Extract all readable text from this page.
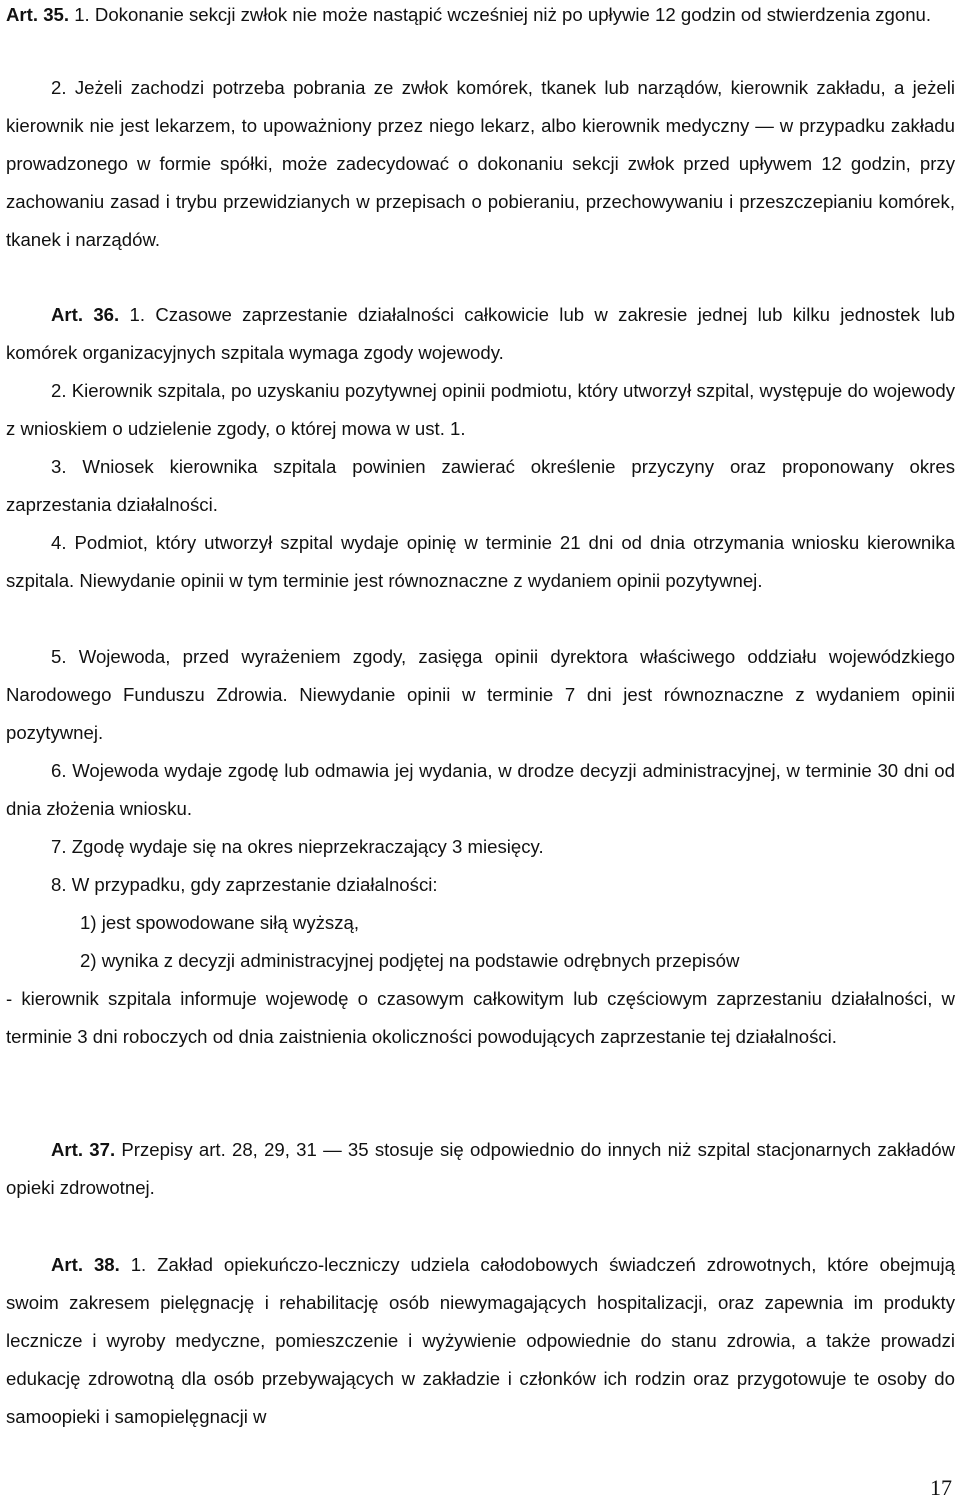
Art. 35. 1. Dokonanie sekcji zwłok nie może nastąpić wcześniej niż po upływie 12 godzin od stwierdzenia zgonu.

2. Jeżeli zachodzi potrzeba pobrania ze zwłok komórek, tkanek lub narządów, kierownik zakładu, a jeżeli kierownik nie jest lekarzem, to upoważniony przez niego lekarz, albo kierownik medyczny — w przypadku zakładu prowadzonego w formie spółki, może zadecydować o dokonaniu sekcji zwłok przed upływem 12 godzin, przy zachowaniu zasad i trybu przewidzianych w przepisach o pobieraniu, przechowywaniu i przeszczepianiu komórek, tkanek i narządów.

Art. 36. 1. Czasowe zaprzestanie działalności całkowicie lub w zakresie jednej lub kilku jednostek lub komórek organizacyjnych szpitala wymaga zgody wojewody.

2. Kierownik szpitala, po uzyskaniu pozytywnej opinii podmiotu, który utworzył szpital, występuje do wojewody z wnioskiem o udzielenie zgody, o której mowa w ust. 1.

3. Wniosek kierownika szpitala powinien zawierać określenie przyczyny oraz proponowany okres zaprzestania działalności.

4. Podmiot, który utworzył szpital wydaje opinię w terminie 21 dni od dnia otrzymania wniosku kierownika szpitala. Niewydanie opinii w tym terminie jest równoznaczne z wydaniem opinii pozytywnej.

5. Wojewoda, przed wyrażeniem zgody, zasięga opinii dyrektora właściwego oddziału wojewódzkiego Narodowego Funduszu Zdrowia. Niewydanie opinii w terminie 7 dni jest równoznaczne z wydaniem opinii pozytywnej.

6. Wojewoda wydaje zgodę lub odmawia jej wydania, w drodze decyzji administracyjnej, w terminie 30 dni od dnia złożenia wniosku.

7. Zgodę wydaje się na okres nieprzekraczający 3 miesięcy.

8. W przypadku, gdy zaprzestanie działalności:

1) jest spowodowane siłą wyższą,

2) wynika z decyzji administracyjnej podjętej na podstawie odrębnych przepisów

- kierownik szpitala informuje wojewodę o czasowym całkowitym lub częściowym zaprzestaniu działalności, w terminie 3 dni roboczych od dnia zaistnienia okoliczności powodujących zaprzestanie tej działalności.

Art. 37. Przepisy art. 28, 29, 31 — 35 stosuje się odpowiednio do innych niż szpital stacjonarnych zakładów opieki zdrowotnej.

Art. 38. 1. Zakład opiekuńczo-leczniczy udziela całodobowych świadczeń zdrowotnych, które obejmują swoim zakresem pielęgnację i rehabilitację osób niewymagających hospitalizacji, oraz zapewnia im produkty lecznicze i wyroby medyczne, pomieszczenie i wyżywienie odpowiednie do stanu zdrowia, a także prowadzi edukację zdrowotną dla osób przebywających w zakładzie i członków ich rodzin oraz przygotowuje te osoby do samoopieki i samopielęgnacji w

17
